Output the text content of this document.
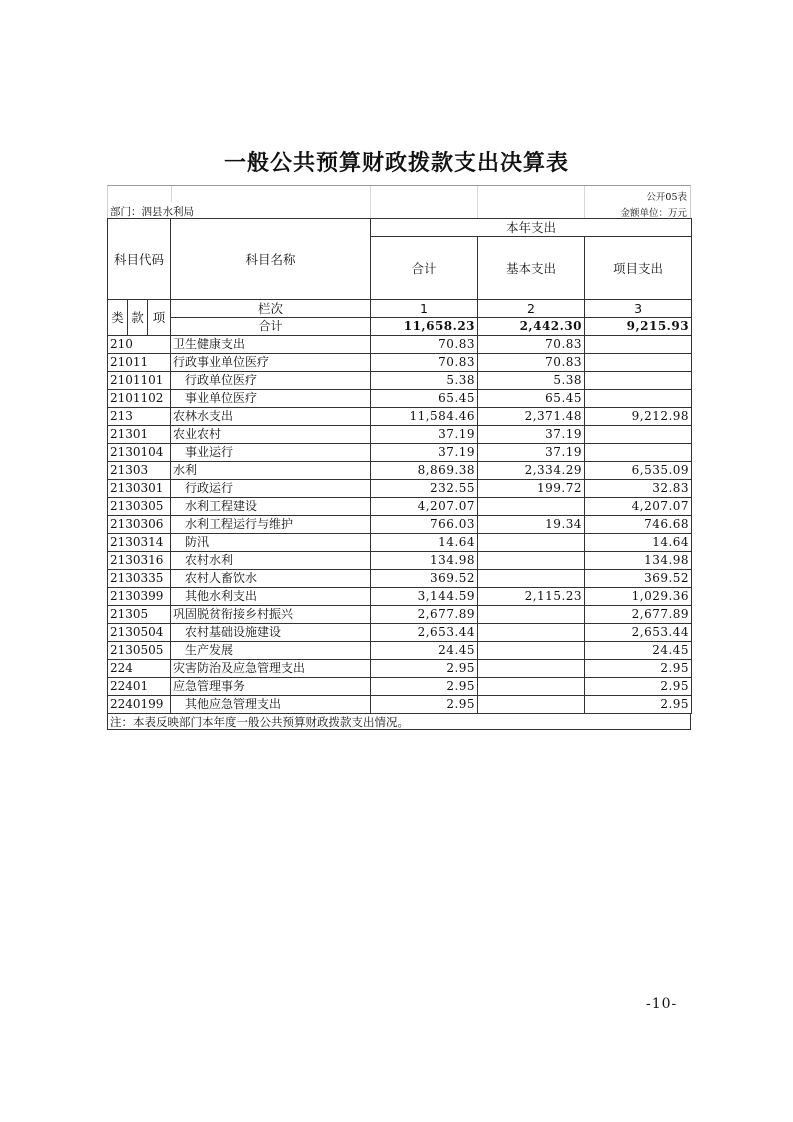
一般公共预算财政拨款支出决算表
公开05表
部门：泗县水利局	金额单位：万元
科目代码			科目名称	本年支出		
				合计	基本支出	项目支出
类	款	项	栏次	1	2	3
			合计	11,658.23	2,442.30	9,215.93
210			卫生健康支出	70.83	70.83	
21011			行政事业单位医疗	70.83	70.83	
2101101			行政单位医疗	5.38	5.38	
2101102			事业单位医疗	65.45	65.45	
213			农林水支出	11,584.46	2,371.48	9,212.98
21301			农业农村	37.19	37.19	
2130104			事业运行	37.19	37.19	
21303			水利	8,869.38	2,334.29	6,535.09
2130301			行政运行	232.55	199.72	32.83
2130305			水利工程建设	4,207.07		4,207.07
2130306			水利工程运行与维护	766.03	19.34	746.68
2130314			防汛	14.64		14.64
2130316			农村水利	134.98		134.98
2130335			农村人畜饮水	369.52		369.52
2130399			其他水利支出	3,144.59	2,115.23	1,029.36
21305			巩固脱贫衔接乡村振兴	2,677.89		2,677.89
2130504			农村基础设施建设	2,653.44		2,653.44
2130505			生产发展	24.45		24.45
224			灾害防治及应急管理支出	2.95		2.95
22401			应急管理事务	2.95		2.95
2240199			其他应急管理支出	2.95		2.95
注：本表反映部门本年度一般公共预算财政拨款支出情况。
-10-
